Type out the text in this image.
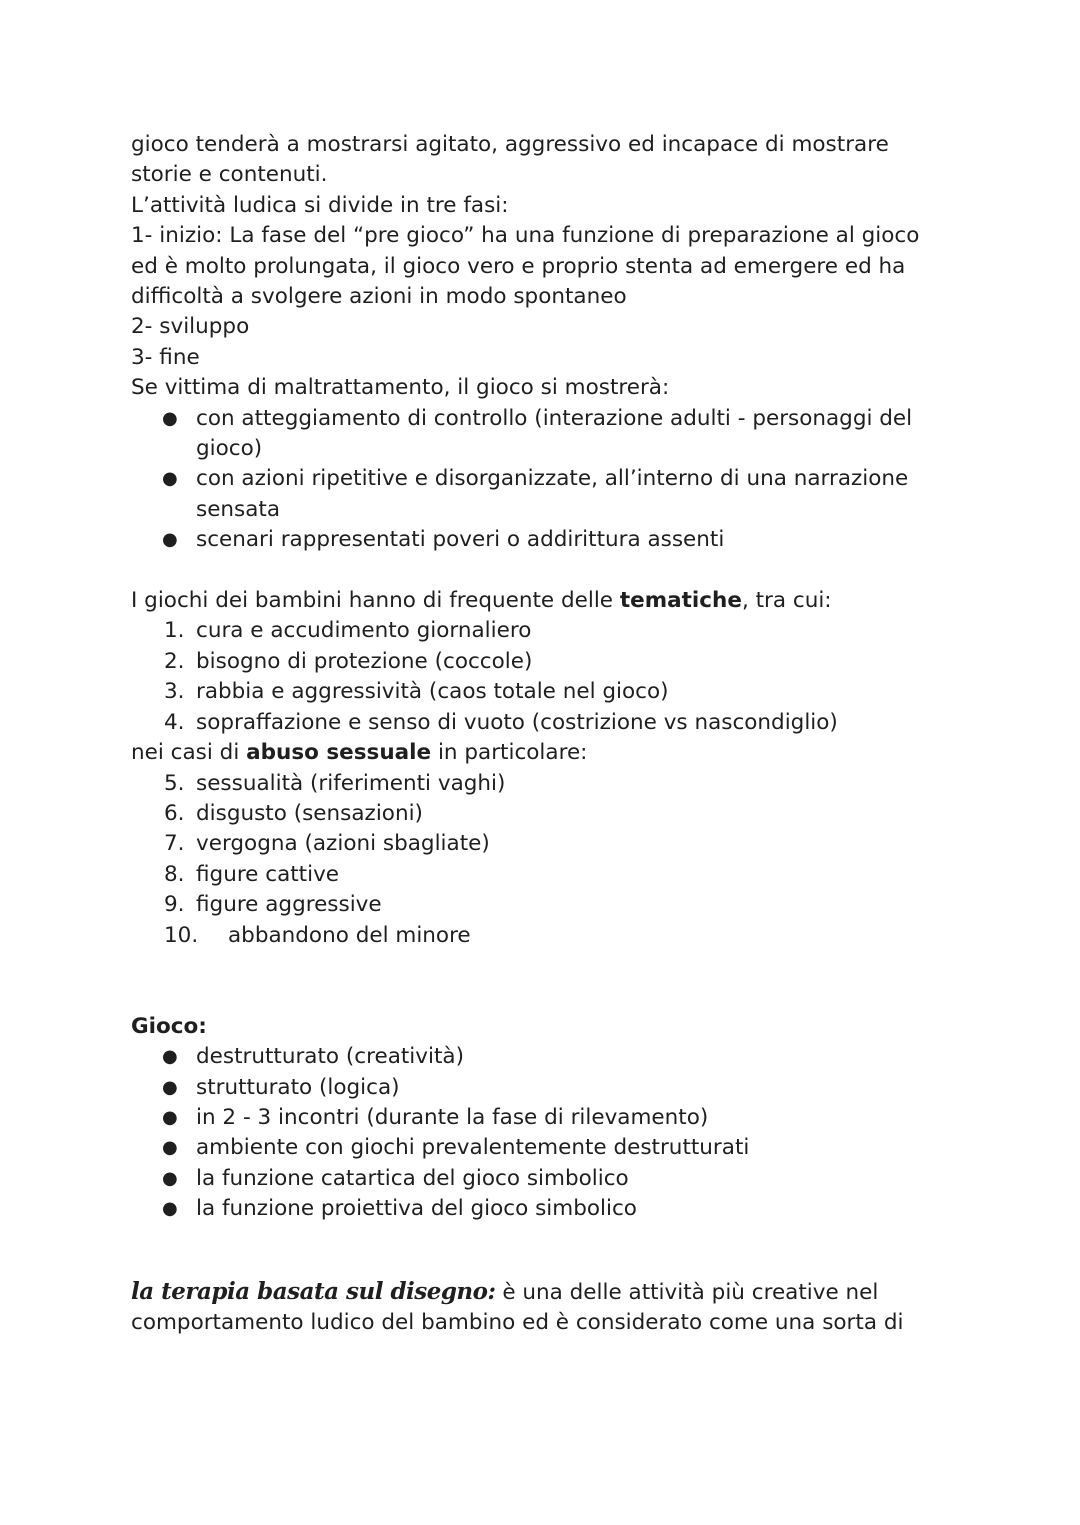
gioco tenderà a mostrarsi agitato, aggressivo ed incapace di mostrare

storie e contenuti.

L’attività ludica si divide in tre fasi:

1- inizio: La fase del “pre gioco” ha una funzione di preparazione al gioco ed è molto prolungata, il gioco vero e proprio stenta ad emergere ed ha difficoltà a svolgere azioni in modo spontaneo

2- sviluppo

3- fine

Se vittima di maltrattamento, il gioco si mostrerà:

● con atteggiamento di controllo (interazione adulti - personaggi del gioco)
● con azioni ripetitive e disorganizzate, all’interno di una narrazione sensata
● scenari rappresentati poveri o addirittura assenti

I giochi dei bambini hanno di frequente delle tematiche, tra cui:

1. cura e accudimento giornaliero
2. bisogno di protezione (coccole)
3. rabbia e aggressività (caos totale nel gioco)
4. sopraffazione e senso di vuoto (costrizione vs nascondiglio)

nei casi di abuso sessuale in particolare:

5. sessualità (riferimenti vaghi)
6. disgusto (sensazioni)
7. vergogna (azioni sbagliate)
8. figure cattive
9. figure aggressive
10. abbandono del minore

Gioco:

● destrutturato (creatività)
● strutturato (logica)
● in 2 - 3 incontri (durante la fase di rilevamento)
● ambiente con giochi prevalentemente destrutturati
● la funzione catartica del gioco simbolico
● la funzione proiettiva del gioco simbolico

la terapia basata sul disegno: è una delle attività più creative nel

comportamento ludico del bambino ed è considerato come una sorta di
